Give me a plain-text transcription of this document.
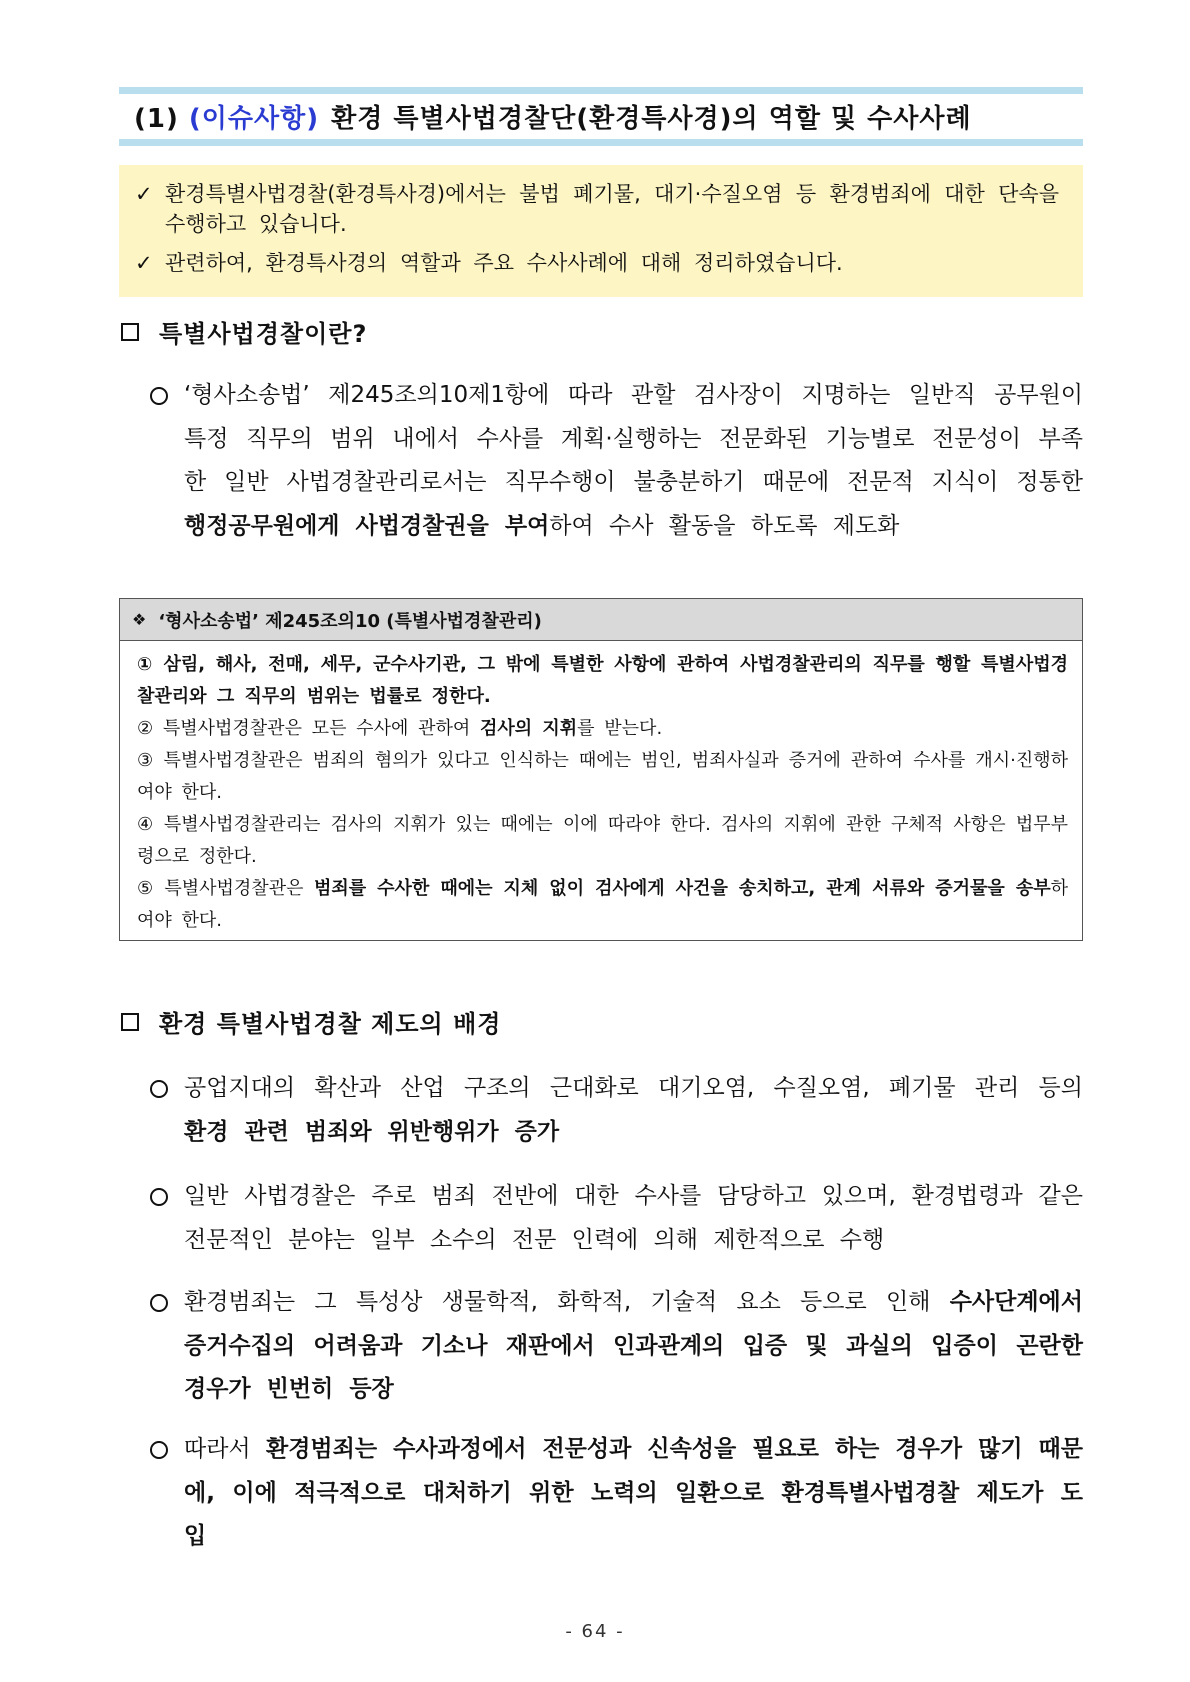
(1) (이슈사항) 환경 특별사법경찰단(환경특사경)의 역할 및 수사사례
✓ 환경특별사법경찰(환경특사경)에서는 불법 폐기물, 대기·수질오염 등 환경범죄에 대한 단속을 수행하고 있습니다.
✓ 관련하여, 환경특사경의 역할과 주요 수사사례에 대해 정리하였습니다.
특별사법경찰이란?
‘형사소송법’ 제245조의10제1항에 따라 관할 검사장이 지명하는 일반직 공무원이 특정 직무의 범위 내에서 수사를 계획·실행하는 전문화된 기능별로 전문성이 부족한 일반 사법경찰관리로서는 직무수행이 불충분하기 때문에 전문적 지식이 정통한 행정공무원에게 사법경찰권을 부여하여 수사 활동을 하도록 제도화
❖ ‘형사소송법’ 제245조의10 (특별사법경찰관리)
① 삼림, 해사, 전매, 세무, 군수사기관, 그 밖에 특별한 사항에 관하여 사법경찰관리의 직무를 행할 특별사법경찰관리와 그 직무의 범위는 법률로 정한다.
② 특별사법경찰관은 모든 수사에 관하여 검사의 지휘를 받는다.
③ 특별사법경찰관은 범죄의 혐의가 있다고 인식하는 때에는 범인, 범죄사실과 증거에 관하여 수사를 개시·진행하여야 한다.
④ 특별사법경찰관리는 검사의 지휘가 있는 때에는 이에 따라야 한다. 검사의 지휘에 관한 구체적 사항은 법무부령으로 정한다.
⑤ 특별사법경찰관은 범죄를 수사한 때에는 지체 없이 검사에게 사건을 송치하고, 관계 서류와 증거물을 송부하여야 한다.
환경 특별사법경찰 제도의 배경
공업지대의 확산과 산업 구조의 근대화로 대기오염, 수질오염, 폐기물 관리 등의 환경 관련 범죄와 위반행위가 증가
일반 사법경찰은 주로 범죄 전반에 대한 수사를 담당하고 있으며, 환경법령과 같은 전문적인 분야는 일부 소수의 전문 인력에 의해 제한적으로 수행
환경범죄는 그 특성상 생물학적, 화학적, 기술적 요소 등으로 인해 수사단계에서 증거수집의 어려움과 기소나 재판에서 인과관계의 입증 및 과실의 입증이 곤란한 경우가 빈번히 등장
따라서 환경범죄는 수사과정에서 전문성과 신속성을 필요로 하는 경우가 많기 때문에, 이에 적극적으로 대처하기 위한 노력의 일환으로 환경특별사법경찰 제도가 도입
- 64 -
